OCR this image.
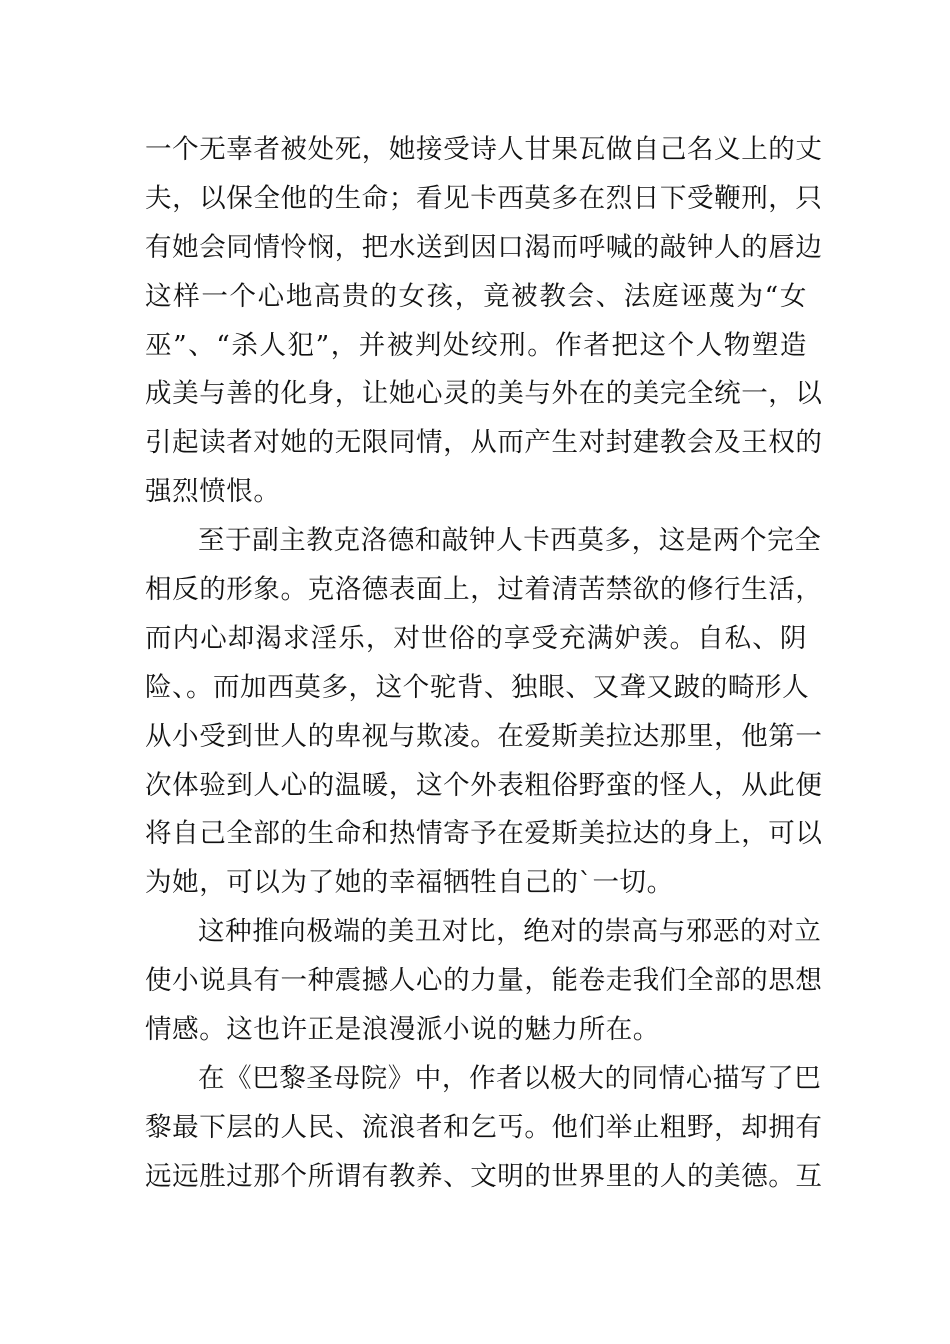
一个无辜者被处死，她接受诗人甘果瓦做自己名义上的丈
夫，以保全他的生命；看见卡西莫多在烈日下受鞭刑，只
有她会同情怜悯，把水送到因口渴而呼喊的敲钟人的唇边
这样一个心地高贵的女孩，竟被教会、法庭诬蔑为“女
巫”、“杀人犯”，并被判处绞刑。作者把这个人物塑造
成美与善的化身，让她心灵的美与外在的美完全统一，以
引起读者对她的无限同情，从而产生对封建教会及王权的
强烈愤恨。
至于副主教克洛德和敲钟人卡西莫多，这是两个完全
相反的形象。克洛德表面上，过着清苦禁欲的修行生活，
而内心却渴求淫乐，对世俗的享受充满妒羡。自私、阴
险、。而加西莫多，这个驼背、独眼、又聋又跛的畸形人
从小受到世人的卑视与欺凌。在爱斯美拉达那里，他第一
次体验到人心的温暖，这个外表粗俗野蛮的怪人，从此便
将自己全部的生命和热情寄予在爱斯美拉达的身上，可以
为她，可以为了她的幸福牺牲自己的`一切。
这种推向极端的美丑对比，绝对的崇高与邪恶的对立
使小说具有一种震撼人心的力量，能卷走我们全部的思想
情感。这也许正是浪漫派小说的魅力所在。
在《巴黎圣母院》中，作者以极大的同情心描写了巴
黎最下层的人民、流浪者和乞丐。他们举止粗野，却拥有
远远胜过那个所谓有教养、文明的世界里的人的美德。互
